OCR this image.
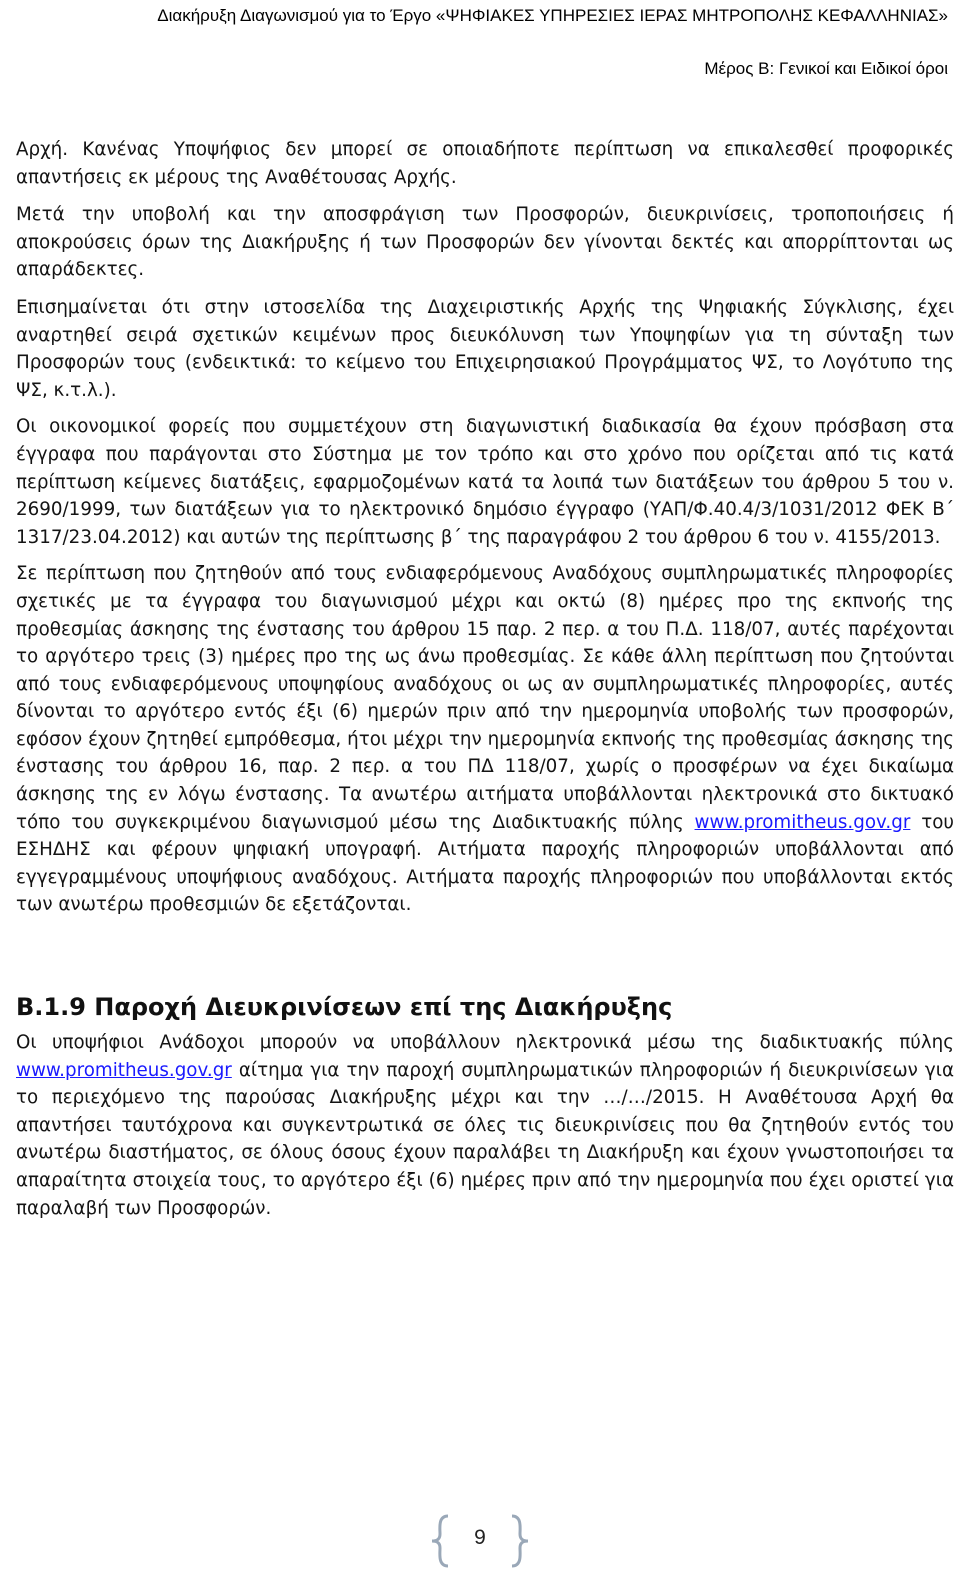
Διακήρυξη Διαγωνισμού για το Έργο «ΨΗΦΙΑΚΕΣ ΥΠΗΡΕΣΙΕΣ ΙΕΡΑΣ ΜΗΤΡΟΠΟΛΗΣ ΚΕΦΑΛΛΗΝΙΑΣ»
Μέρος Β: Γενικοί και Ειδικοί όροι

Αρχή. Κανένας Υποψήφιος δεν μπορεί σε οποιαδήποτε περίπτωση να επικαλεσθεί προφορικές απαντήσεις εκ μέρους της Αναθέτουσας Αρχής.

Μετά την υποβολή και την αποσφράγιση των Προσφορών, διευκρινίσεις, τροποποιήσεις ή αποκρούσεις όρων της Διακήρυξης ή των Προσφορών δεν γίνονται δεκτές και απορρίπτονται ως απαράδεκτες.

Επισημαίνεται ότι στην ιστοσελίδα της Διαχειριστικής Αρχής της Ψηφιακής Σύγκλισης, έχει αναρτηθεί σειρά σχετικών κειμένων προς διευκόλυνση των Υποψηφίων για τη σύνταξη των Προσφορών τους (ενδεικτικά: το κείμενο του Επιχειρησιακού Προγράμματος ΨΣ, το Λογότυπο της ΨΣ, κ.τ.λ.).

Οι οικονομικοί φορείς που συμμετέχουν στη διαγωνιστική διαδικασία θα έχουν πρόσβαση στα έγγραφα που παράγονται στο Σύστημα με τον τρόπο και στο χρόνο που ορίζεται από τις κατά περίπτωση κείμενες διατάξεις, εφαρμοζομένων κατά τα λοιπά των διατάξεων του άρθρου 5 του ν. 2690/1999, των διατάξεων για το ηλεκτρονικό δημόσιο έγγραφο (ΥΑΠ/Φ.40.4/3/1031/2012 ΦΕΚ Β΄ 1317/23.04.2012) και αυτών της περίπτωσης β΄ της παραγράφου 2 του άρθρου 6 του ν. 4155/2013.

Σε περίπτωση που ζητηθούν από τους ενδιαφερόμενους Αναδόχους συμπληρωματικές πληροφορίες σχετικές με τα έγγραφα του διαγωνισμού μέχρι και οκτώ (8) ημέρες προ της εκπνοής της προθεσμίας άσκησης της ένστασης του άρθρου 15 παρ. 2 περ. α του Π.Δ. 118/07, αυτές παρέχονται το αργότερο τρεις (3) ημέρες προ της ως άνω προθεσμίας. Σε κάθε άλλη περίπτωση που ζητούνται από τους ενδιαφερόμενους υποψηφίους αναδόχους οι ως αν συμπληρωματικές πληροφορίες, αυτές δίνονται το αργότερο εντός έξι (6) ημερών πριν από την ημερομηνία υποβολής των προσφορών, εφόσον έχουν ζητηθεί εμπρόθεσμα, ήτοι μέχρι την ημερομηνία εκπνοής της προθεσμίας άσκησης της ένστασης του άρθρου 16, παρ. 2 περ. α του ΠΔ 118/07, χωρίς ο προσφέρων να έχει δικαίωμα άσκησης της εν λόγω ένστασης. Τα ανωτέρω αιτήματα υποβάλλονται ηλεκτρονικά στο δικτυακό τόπο του συγκεκριμένου διαγωνισμού μέσω της Διαδικτυακής πύλης www.promitheus.gov.gr του ΕΣΗΔΗΣ και φέρουν ψηφιακή υπογραφή. Αιτήματα παροχής πληροφοριών υποβάλλονται από εγγεγραμμένους υποψήφιους αναδόχους. Αιτήματα παροχής πληροφοριών που υποβάλλονται εκτός των ανωτέρω προθεσμιών δε εξετάζονται.

Β.1.9 Παροχή Διευκρινίσεων επί της Διακήρυξης

Οι υποψήφιοι Ανάδοχοι μπορούν να υποβάλλουν ηλεκτρονικά μέσω της διαδικτυακής πύλης www.promitheus.gov.gr αίτημα για την παροχή συμπληρωματικών πληροφοριών ή διευκρινίσεων για το περιεχόμενο της παρούσας Διακήρυξης μέχρι και την …/…/2015. Η Αναθέτουσα Αρχή θα απαντήσει ταυτόχρονα και συγκεντρωτικά σε όλες τις διευκρινίσεις που θα ζητηθούν εντός του ανωτέρω διαστήματος, σε όλους όσους έχουν παραλάβει τη Διακήρυξη και έχουν γνωστοποιήσει τα απαραίτητα στοιχεία τους, το αργότερο έξι (6) ημέρες πριν από την ημερομηνία που έχει οριστεί για παραλαβή των Προσφορών.

9
